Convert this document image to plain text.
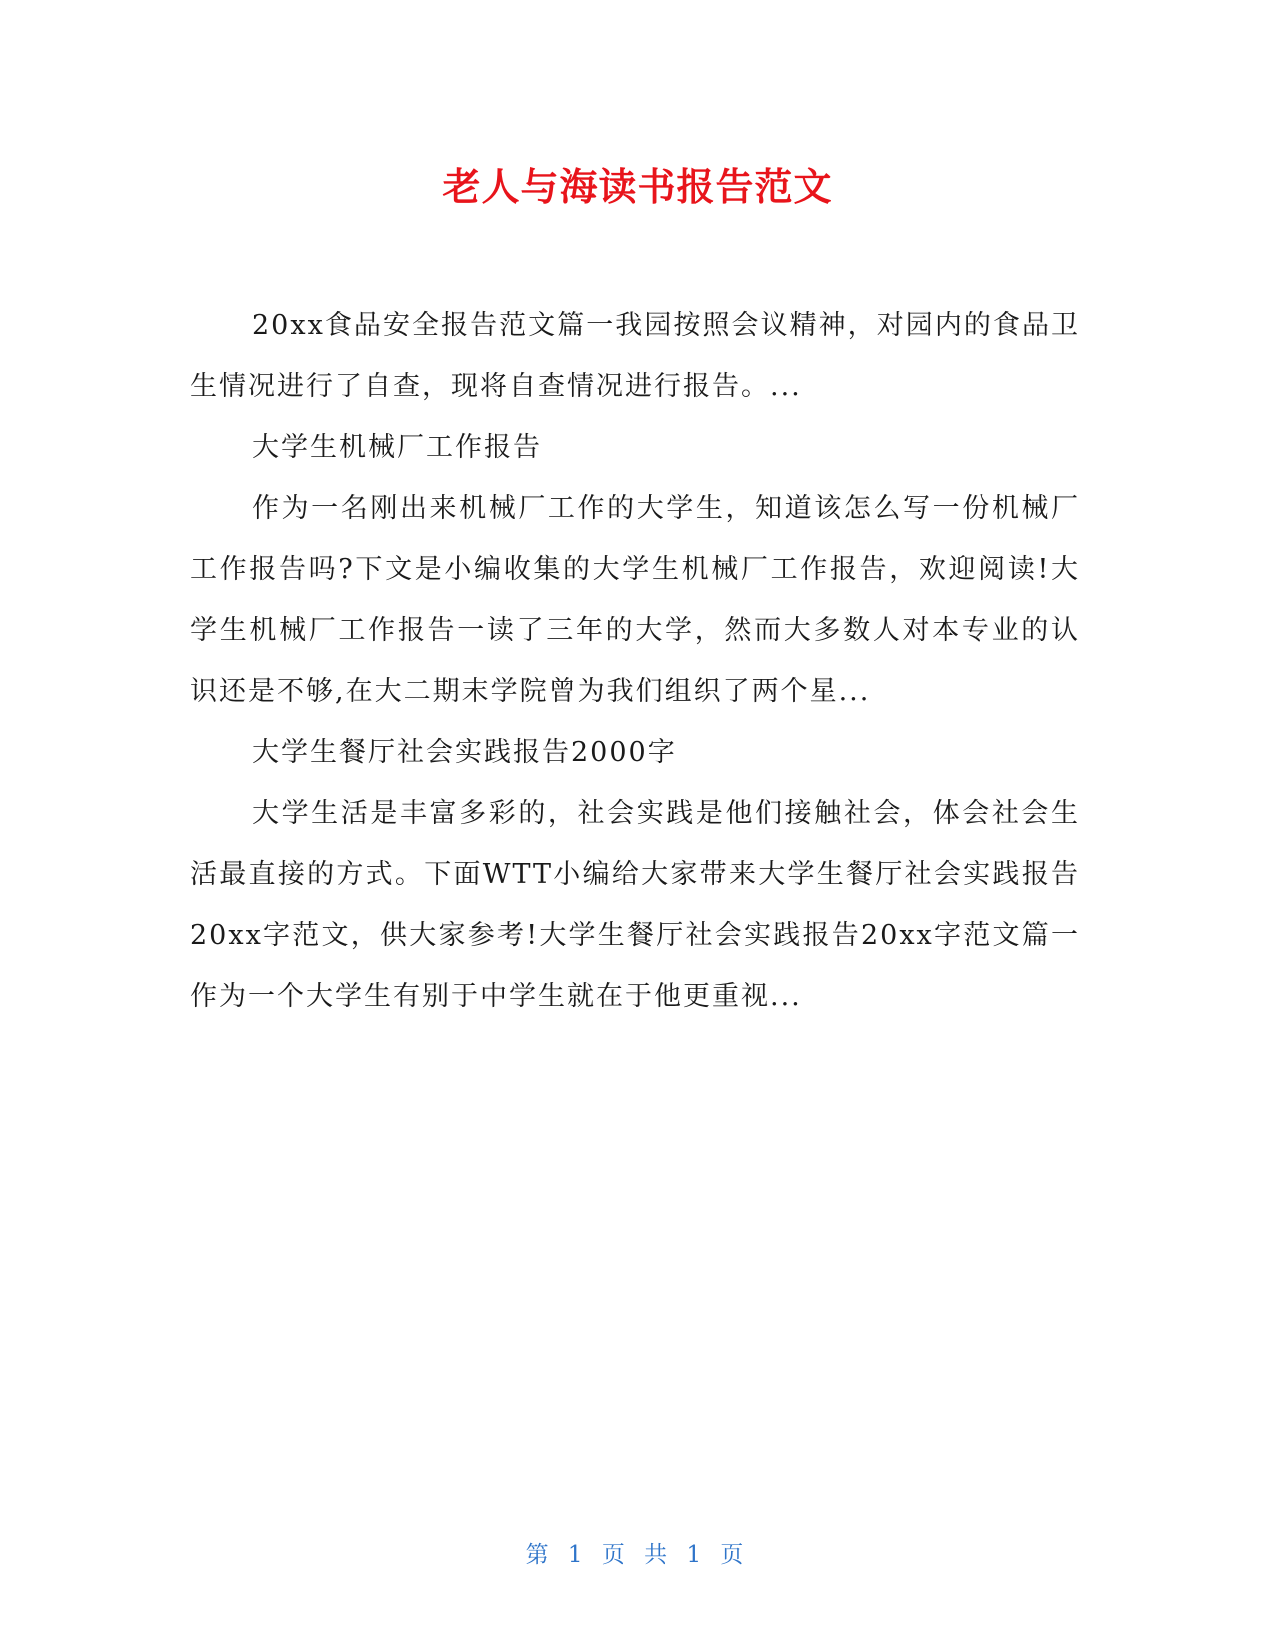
老人与海读书报告范文

20xx食品安全报告范文篇一我园按照会议精神，对园内的食品卫生情况进行了自查，现将自查情况进行报告。...

大学生机械厂工作报告

作为一名刚出来机械厂工作的大学生，知道该怎么写一份机械厂工作报告吗?下文是小编收集的大学生机械厂工作报告，欢迎阅读!大学生机械厂工作报告一读了三年的大学，然而大多数人对本专业的认识还是不够,在大二期末学院曾为我们组织了两个星...

大学生餐厅社会实践报告2000字

大学生活是丰富多彩的，社会实践是他们接触社会，体会社会生活最直接的方式。下面WTT小编给大家带来大学生餐厅社会实践报告20xx字范文，供大家参考!大学生餐厅社会实践报告20xx字范文篇一作为一个大学生有别于中学生就在于他更重视...

第 1 页 共 1 页
